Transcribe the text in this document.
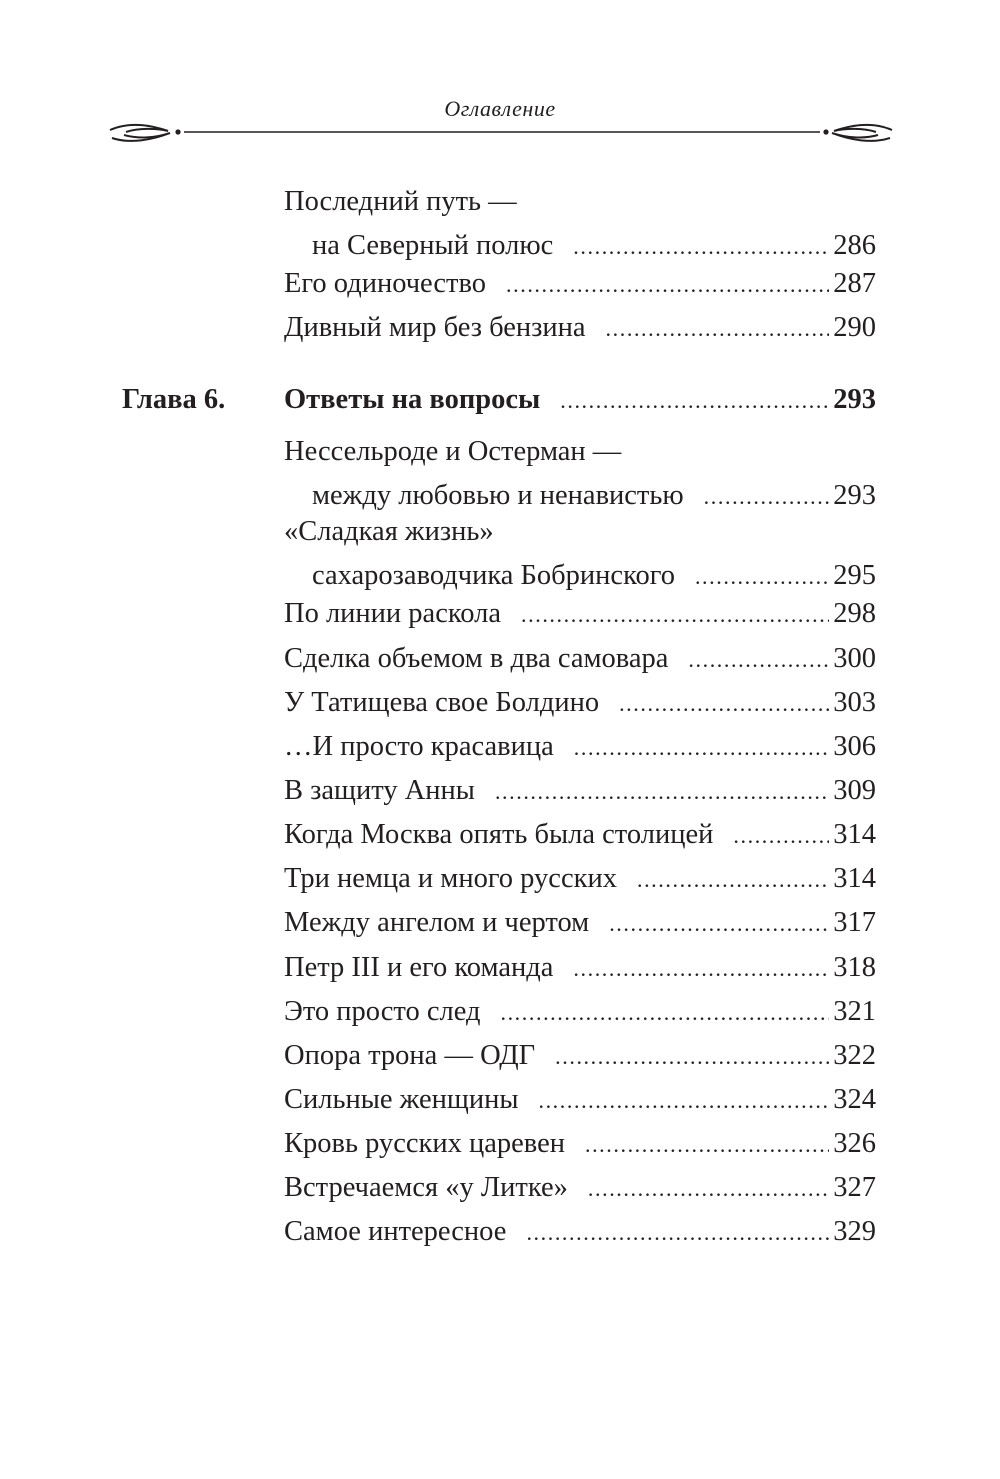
Оглавление
Последний путь —
на Северный полюс .....	286
Его одиночество .....	287
Дивный мир без бензина .....	290
Глава 6. Ответы на вопросы .....	293
Нессельроде и Остерман —
между любовью и ненавистью .....	293
«Сладкая жизнь»
сахарозаводчика Бобринского .....	295
По линии раскола .....	298
Сделка объемом в два самовара .....	300
У Татищева свое Болдино .....	303
…И просто красавица .....	306
В защиту Анны .....	309
Когда Москва опять была столицей .....	314
Три немца и много русских .....	314
Между ангелом и чертом .....	317
Петр III и его команда .....	318
Это просто след .....	321
Опора трона — ОДГ .....	322
Сильные женщины .....	324
Кровь русских царевен .....	326
Встречаемся «у Литке» .....	327
Самое интересное .....	329
